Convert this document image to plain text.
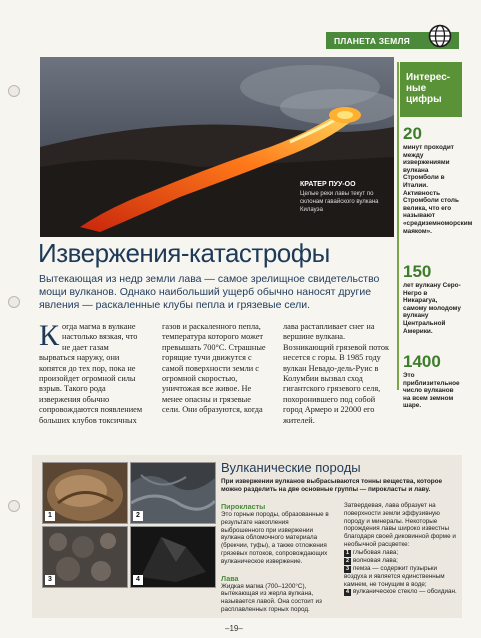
ПЛАНЕТА ЗЕМЛЯ
КРАТЕР ПУУ-ОО
Целые реки лавы текут по склонам гавайского вулкана Килауэа
Интерес-ные цифры
20
минут проходит между извержениями вулкана Стромболи в Италии. Активность Стромболи столь велика, что его называют «средиземноморским маяком».
150
лет вулкану Серо-Негро в Никарагуа, самому молодому вулкану Центральной Америки.
1400
Это приблизительное число вулканов на всем земном шаре.
Извержения-катастрофы
Вытекающая из недр земли лава — самое зрелищное свидетельство мощи вулканов. Однако наибольший ущерб обычно наносят другие явления — раскаленные клубы пепла и грязевые сели.
Когда магма в вулкане настолько вязкая, что не дает газам вырваться наружу, они копятся до тех пор, пока не произойдет огромной силы взрыв. Такого рода извержения обычно сопровождаются появлением больших клубов токсичных
газов и раскаленного пепла, температура которого может превышать 700°С. Страшные горящие тучи движутся с самой поверхности земли с огромной скоростью, уничтожая все живое. Не менее опасны и грязевые сели. Они образуются, когда
лава растапливает снег на вершине вулкана. Возникающий грязевой поток несется с горы. В 1985 году вулкан Невадо-дель-Руис в Колумбии вызвал сход гигантского грязевого селя, похоронившего под собой город Армеро и 22000 его жителей.
1	2
3	4
Вулканические породы
При извержении вулканов выбрасываются тонны вещества, которое можно разделить на две основные группы — пирокласты и лаву.
Пирокласты
Это горные породы, образованные в результате накопления выброшенного при извержении вулкана обломочного материала (брекчии, туфы), а также отложения грязевых потоков, сопровождающих вулканическое извержение.
Лава
Жидкая магма (700–1200°С), вытекающая из жерла вулкана, называется лавой. Она состоит из расплавленных горных пород.
Затвердевая, лава образует на поверхности земли эффузивную породу и минералы. Некоторые порождения лавы широко известны благодаря своей диковинной форме и необычной расцветке:
1 глыбовая лава;
2 волновая лава;
3 пемза — содержит пузырьки воздуха и является единственным камнем, не тонущим в воде;
4 вулканическое стекло — обсидиан.
–19–
